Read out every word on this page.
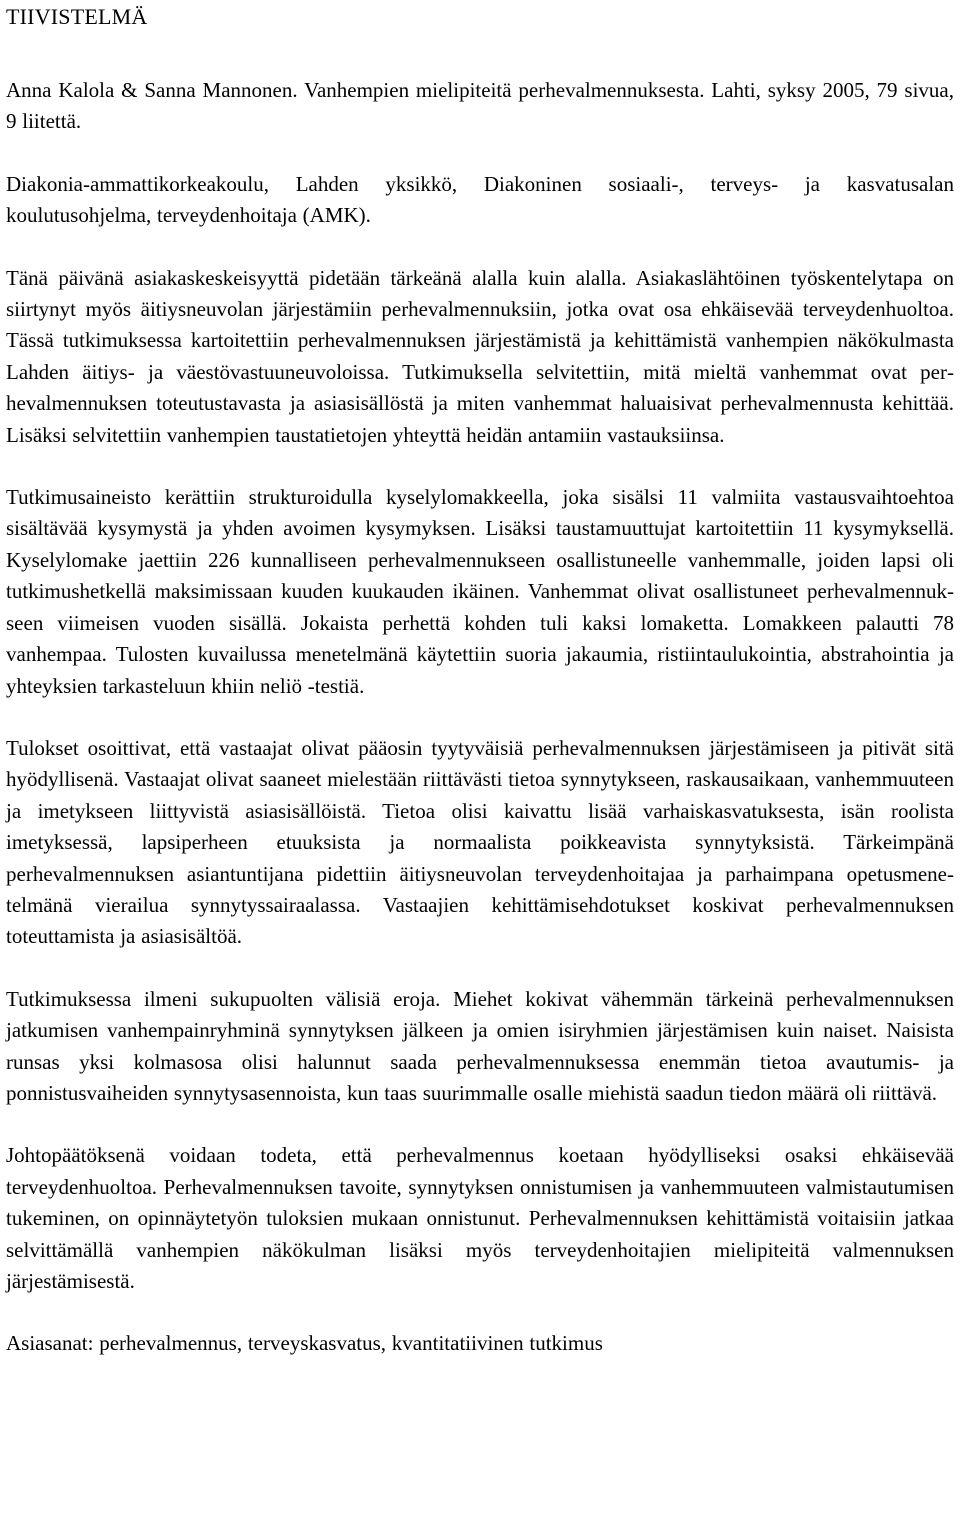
TIIVISTELMÄ

Anna Kalola & Sanna Mannonen. Vanhempien mielipiteitä perhevalmennuksesta. Lahti, syksy 2005, 79 sivua, 9 liitettä.

Diakonia-ammattikorkeakoulu, Lahden yksikkö, Diakoninen sosiaali-, terveys- ja kasvatusalan koulutusohjelma, terveydenhoitaja (AMK).

Tänä päivänä asiakaskeskeisyyttä pidetään tärkeänä alalla kuin alalla. Asiakaslähtöinen työskentelytapa on siirtynyt myös äitiysneuvolan järjestämiin perhevalmennuksiin, jotka ovat osa ehkäisevää terveydenhuoltoa. Tässä tutkimuksessa kartoitettiin perhevalmennuksen järjestämistä ja kehittämistä vanhempien näkökulmasta Lahden äitiys- ja väestövastuuneuvoloissa. Tutkimuksella selvitettiin, mitä mieltä vanhemmat ovat perhevalmennuksen toteutustavasta ja asiasisällöstä ja miten vanhemmat haluaisivat perhevalmennusta kehittää. Lisäksi selvitettiin vanhempien taustatietojen yhteyttä heidän antamiin vastauksiinsa.

Tutkimusaineisto kerättiin strukturoidulla kyselylomakkeella, joka sisälsi 11 valmiita vastausvaihtoehtoa sisältävää kysymystä ja yhden avoimen kysymyksen. Lisäksi taustamuuttujat kartoitettiin 11 kysymyksellä. Kyselylomake jaettiin 226 kunnalliseen perhevalmennukseen osallistuneelle vanhemmalle, joiden lapsi oli tutkimushetkellä maksimissaan kuuden kuukauden ikäinen. Vanhemmat olivat osallistuneet perhevalmennukseen viimeisen vuoden sisällä. Jokaista perhettä kohden tuli kaksi lomaketta. Lomakkeen palautti 78 vanhempaa. Tulosten kuvailussa menetelmänä käytettiin suoria jakaumia, ristiintaulukointia, abstrahointia ja yhteyksien tarkasteluun khiin neliö -testiä.

Tulokset osoittivat, että vastaajat olivat pääosin tyytyväisiä perhevalmennuksen järjestämiseen ja pitivät sitä hyödyllisenä. Vastaajat olivat saaneet mielestään riittävästi tietoa synnytykseen, raskausaikaan, vanhemmuuteen ja imetykseen liittyvistä asiasisällöistä. Tietoa olisi kaivattu lisää varhaiskasvatuksesta, isän roolista imetyksessä, lapsiperheen etuuksista ja normaalista poikkeavista synnytyksistä. Tärkeimpänä perhevalmennuksen asiantuntijana pidettiin äitiysneuvolan terveydenhoitajaa ja parhaimpana opetusmenetelmänä vierailua synnytyssairaalassa. Vastaajien kehittämisehdotukset koskivat perhevalmennuksen toteuttamista ja asiasisältöä.

Tutkimuksessa ilmeni sukupuolten välisiä eroja. Miehet kokivat vähemmän tärkeinä perhevalmennuksen jatkumisen vanhempainryhminä synnytyksen jälkeen ja omien isiryhmien järjestämisen kuin naiset. Naisista runsas yksi kolmasosa olisi halunnut saada perhevalmennuksessa enemmän tietoa avautumis- ja ponnistusvaiheiden synnytysasennoista, kun taas suurimmalle osalle miehistä saadun tiedon määrä oli riittävä.

Johtopäätöksenä voidaan todeta, että perhevalmennus koetaan hyödylliseksi osaksi ehkäisevää terveydenhuoltoa. Perhevalmennuksen tavoite, synnytyksen onnistumisen ja vanhemmuuteen valmistautumisen tukeminen, on opinnäytetyön tuloksien mukaan onnistunut. Perhevalmennuksen kehittämistä voitaisiin jatkaa selvittämällä vanhempien näkökulman lisäksi myös terveydenhoitajien mielipiteitä valmennuksen järjestämisestä.

Asiasanat: perhevalmennus, terveyskasvatus, kvantitatiivinen tutkimus
